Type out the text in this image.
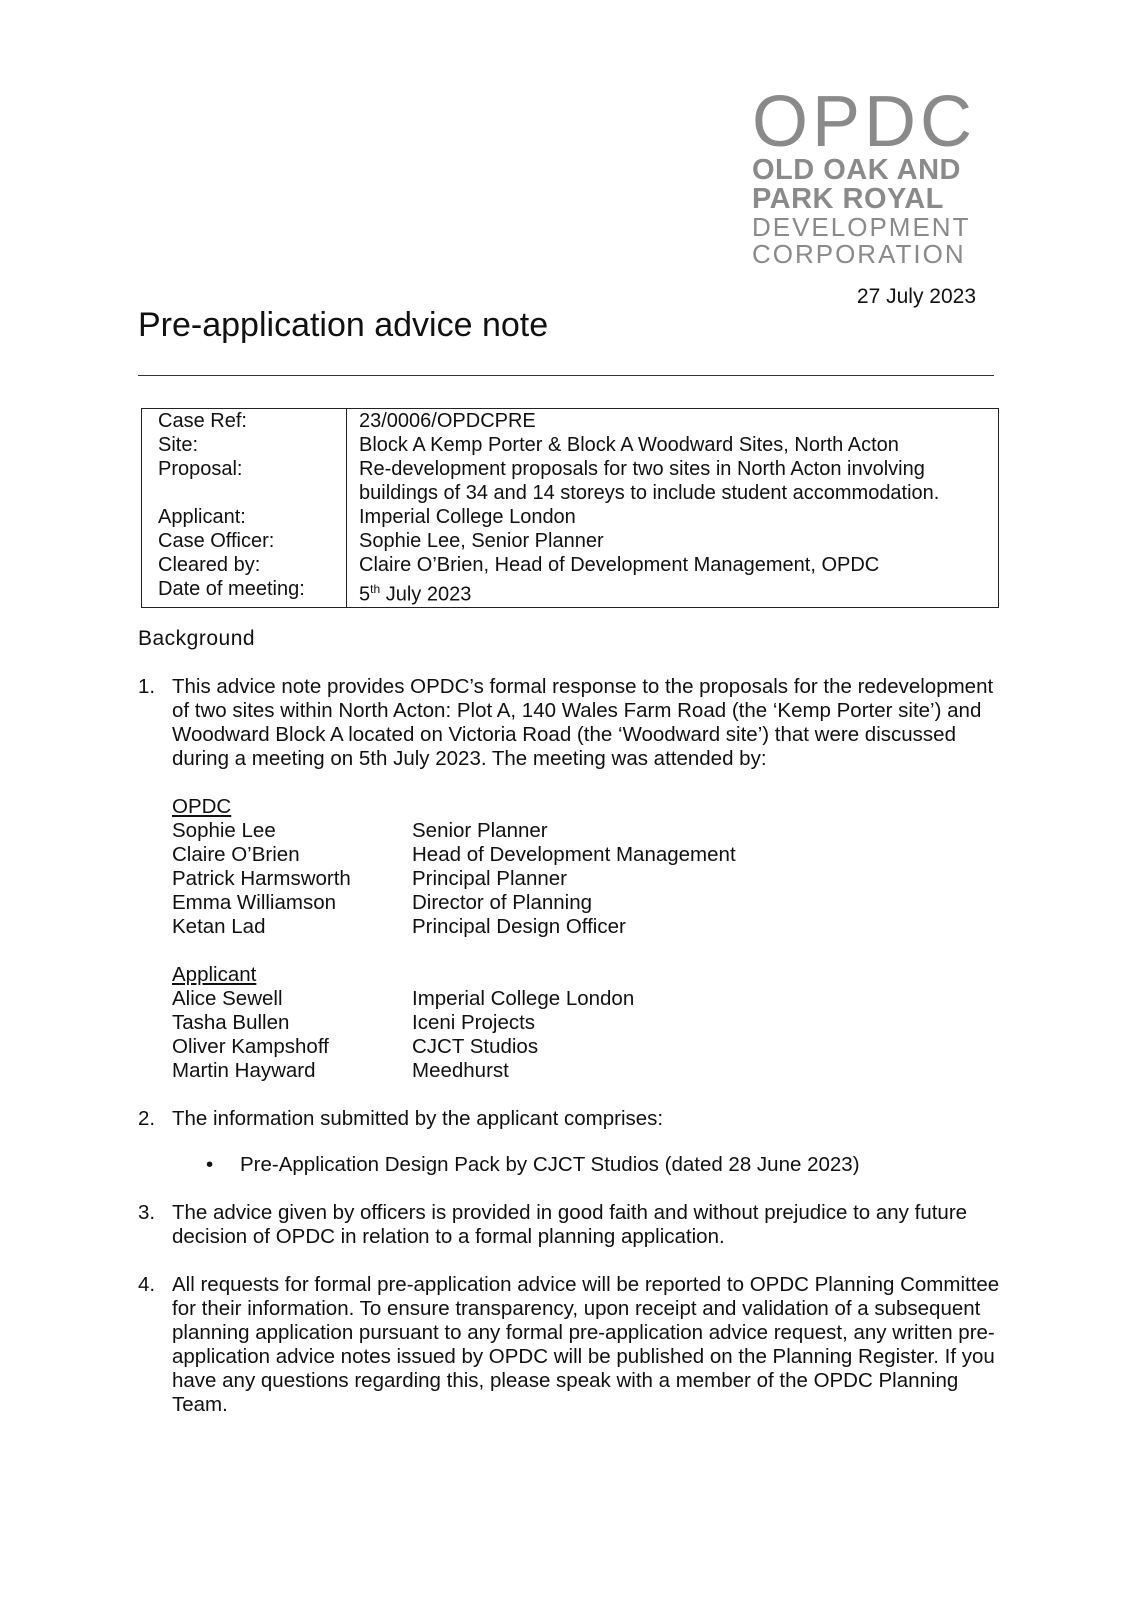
OPDC
OLD OAK AND
PARK ROYAL
DEVELOPMENT
CORPORATION
27 July 2023
Pre-application advice note
Case Ref:	23/0006/OPDCPRE
Site:	Block A Kemp Porter & Block A Woodward Sites, North Acton
Proposal:	Re-development proposals for two sites in North Acton involving buildings of 34 and 14 storeys to include student accommodation.
Applicant:	Imperial College London
Case Officer:	Sophie Lee, Senior Planner
Cleared by:	Claire O’Brien, Head of Development Management, OPDC
Date of meeting:	5th July 2023
Background
1. This advice note provides OPDC’s formal response to the proposals for the redevelopment of two sites within North Acton: Plot A, 140 Wales Farm Road (the ‘Kemp Porter site’) and Woodward Block A located on Victoria Road (the ‘Woodward site’) that were discussed during a meeting on 5th July 2023. The meeting was attended by:
OPDC
Sophie Lee	Senior Planner
Claire O’Brien	Head of Development Management
Patrick Harmsworth	Principal Planner
Emma Williamson	Director of Planning
Ketan Lad	Principal Design Officer
Applicant
Alice Sewell	Imperial College London
Tasha Bullen	Iceni Projects
Oliver Kampshoff	CJCT Studios
Martin Hayward	Meedhurst
2. The information submitted by the applicant comprises:
•	Pre-Application Design Pack by CJCT Studios (dated 28 June 2023)
3. The advice given by officers is provided in good faith and without prejudice to any future decision of OPDC in relation to a formal planning application.
4. All requests for formal pre-application advice will be reported to OPDC Planning Committee for their information. To ensure transparency, upon receipt and validation of a subsequent planning application pursuant to any formal pre-application advice request, any written pre-application advice notes issued by OPDC will be published on the Planning Register. If you have any questions regarding this, please speak with a member of the OPDC Planning Team.
